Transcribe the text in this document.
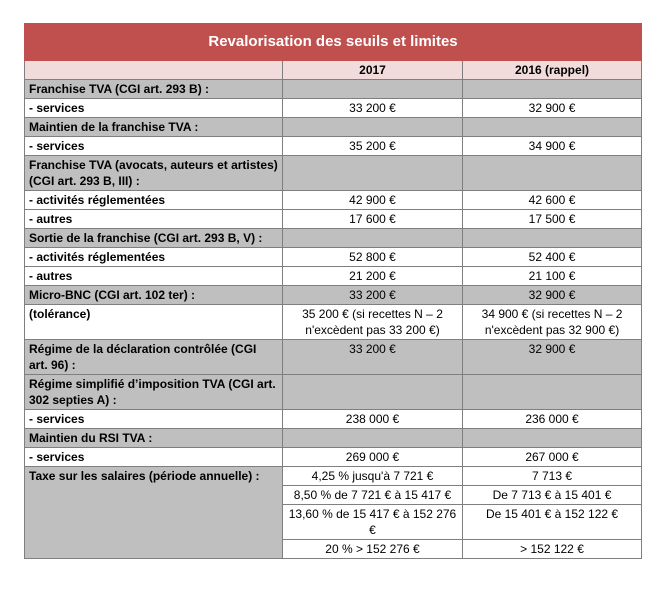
Revalorisation des seuils et limites		
	2017	2016 (rappel)
Franchise TVA (CGI art. 293 B) :		
- services	33 200 €	32 900 €
Maintien de la franchise TVA :		
- services	35 200 €	34 900 €
Franchise TVA (avocats, auteurs et artistes) (CGI art. 293 B, III) :		
- activités réglementées	42 900 €	42 600 €
- autres	17 600 €	17 500 €
Sortie de la franchise (CGI art. 293 B, V) :		
- activités réglementées	52 800 €	52 400 €
- autres	21 200 €	21 100 €
Micro-BNC (CGI art. 102 ter) :	33 200 €	32 900 €
(tolérance)	35 200 € (si recettes N – 2 n'excèdent pas 33 200 €)	34 900 € (si recettes N – 2 n'excèdent pas 32 900 €)
Régime de la déclaration contrôlée (CGI art. 96) :	33 200 €	32 900 €
Régime simplifié d’imposition TVA (CGI art. 302 septies A) :		
- services	238 000 €	236 000 €
Maintien du RSI TVA :		
- services	269 000 €	267 000 €
Taxe sur les salaires (période annuelle) :	4,25 % jusqu'à 7 721 €	7 713 €
	8,50 % de 7 721 € à 15 417 €	De 7 713 € à 15 401 €
	13,60 % de 15 417 € à 152 276 €	De 15 401 € à 152 122 €
	20 % > 152 276 €	> 152 122 €
